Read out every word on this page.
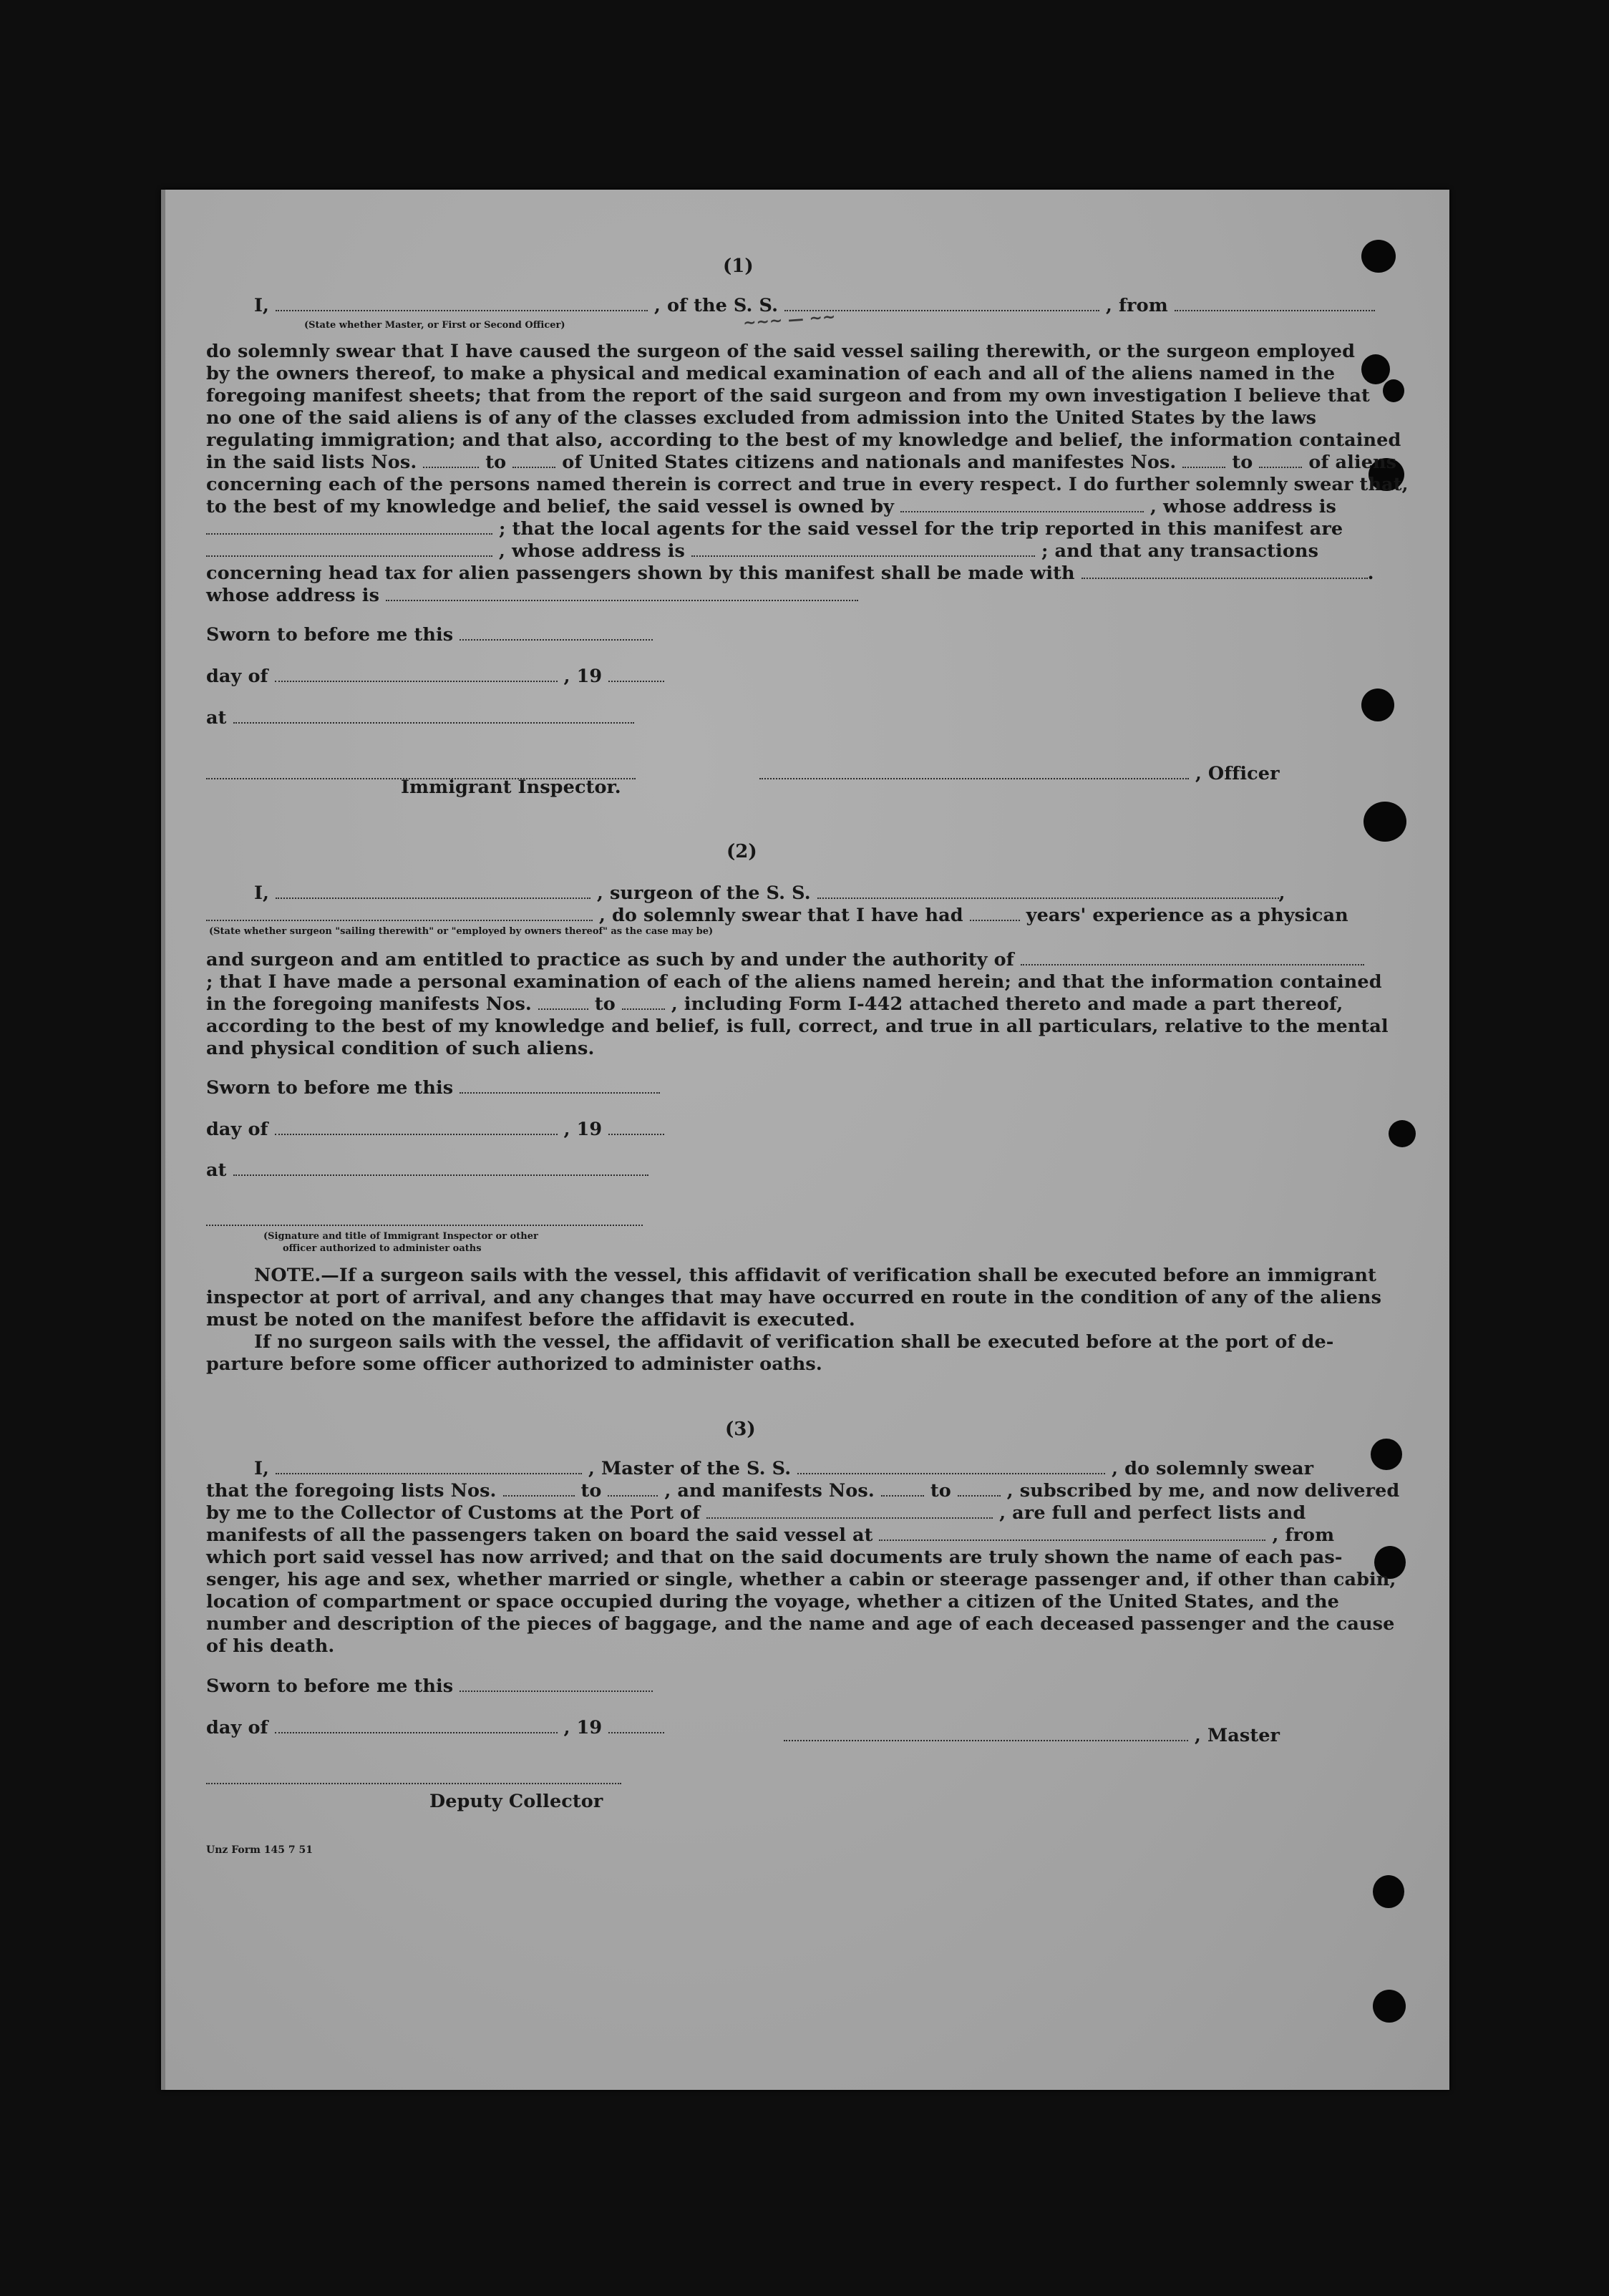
~~~ — ~~
(1)
I,	, of the S. S.	, from
(State whether Master, or First or Second Officer)
do solemnly swear that I have caused the surgeon of the said vessel sailing therewith, or the surgeon employed
by the owners thereof, to make a physical and medical examination of each and all of the aliens named in the
foregoing manifest sheets; that from the report of the said surgeon and from my own investigation I believe that
no one of the said aliens is of any of the classes excluded from admission into the United States by the laws
regulating immigration; and that also, according to the best of my knowledge and belief, the information contained
in the said lists Nos.	to	of United States citizens and nationals and manifestes Nos.	to	of aliens
concerning each of the persons named therein is correct and true in every respect. I do further solemnly swear that,
to the best of my knowledge and belief, the said vessel is owned by	, whose address is
; that the local agents for the said vessel for the trip reported in this manifest are
, whose address is	; and that any transactions
concerning head tax for alien passengers shown by this manifest shall be made with	.
whose address is
Sworn to before me this
day of	, 19
at
, Officer
Immigrant Inspector.
(2)
I,	, surgeon of the S. S.	,
, do solemnly swear that I have had	years' experience as a physican
(State whether surgeon "sailing therewith" or "employed by owners thereof" as the case may be)
and surgeon and am entitled to practice as such by and under the authority of
; that I have made a personal examination of each of the aliens named herein; and that the information contained
in the foregoing manifests Nos.	to	, including Form I-442 attached thereto and made a part thereof,
according to the best of my knowledge and belief, is full, correct, and true in all particulars, relative to the mental
and physical condition of such aliens.
Sworn to before me this
day of	, 19
at
(Signature and title of Immigrant Inspector or other
officer authorized to administer oaths
NOTE.—If a surgeon sails with the vessel, this affidavit of verification shall be executed before an immigrant
inspector at port of arrival, and any changes that may have occurred en route in the condition of any of the aliens
must be noted on the manifest before the affidavit is executed.
If no surgeon sails with the vessel, the affidavit of verification shall be executed before at the port of de-
parture before some officer authorized to administer oaths.
(3)
I,	, Master of the S. S.	, do solemnly swear
that the foregoing lists Nos.	to	, and manifests Nos.	to	, subscribed by me, and now delivered
by me to the Collector of Customs at the Port of	, are full and perfect lists and
manifests of all the passengers taken on board the said vessel at	, from
which port said vessel has now arrived; and that on the said documents are truly shown the name of each pas-
senger, his age and sex, whether married or single, whether a cabin or steerage passenger and, if other than cabin,
location of compartment or space occupied during the voyage, whether a citizen of the United States, and the
number and description of the pieces of baggage, and the name and age of each deceased passenger and the cause
of his death.
Sworn to before me this
day of	, 19	, Master
Deputy Collector
Unz Form 145 7 51
